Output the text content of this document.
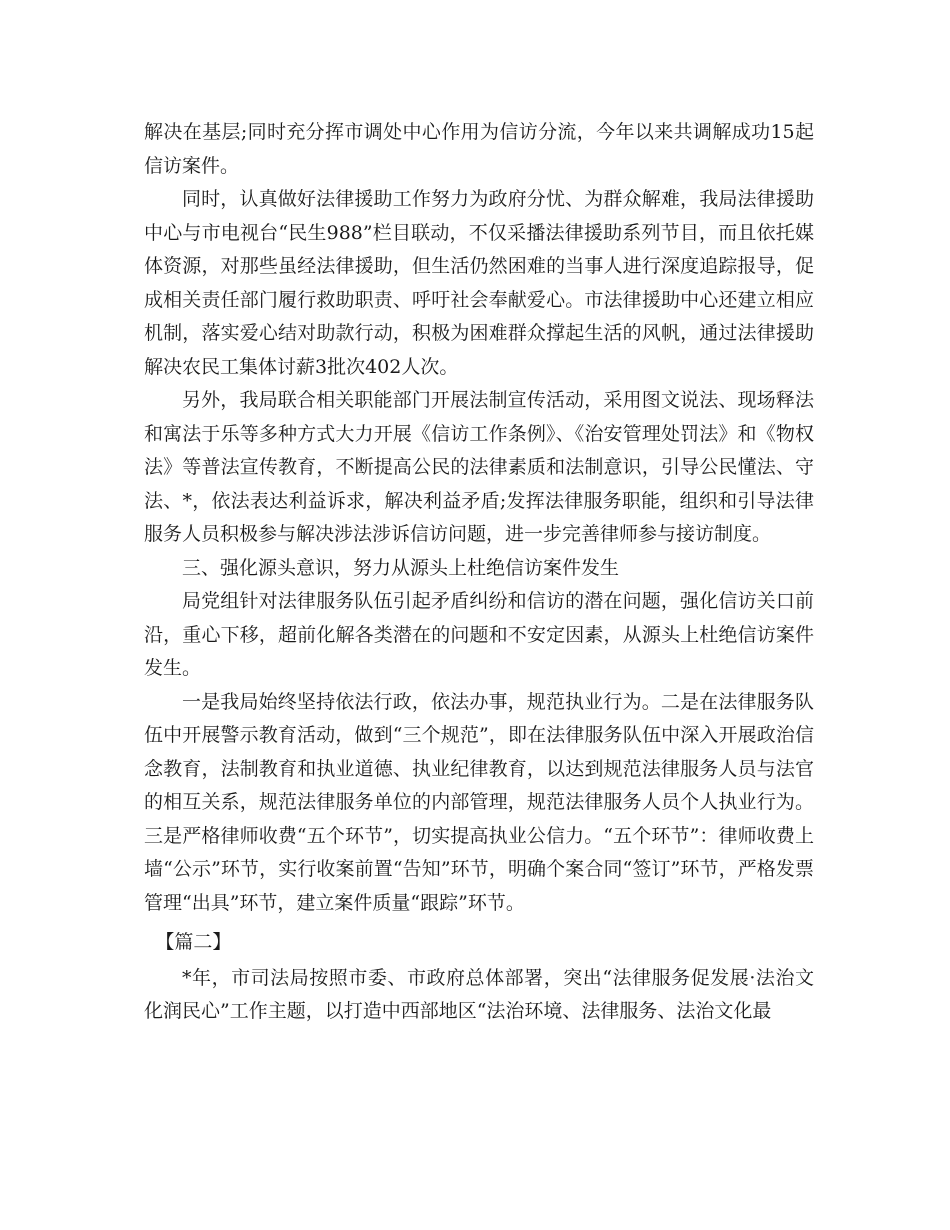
解决在基层;同时充分挥市调处中心作用为信访分流，今年以来共调解成功15起信访案件。

同时，认真做好法律援助工作努力为政府分忧、为群众解难，我局法律援助中心与市电视台“民生988”栏目联动，不仅采播法律援助系列节目，而且依托媒体资源，对那些虽经法律援助，但生活仍然困难的当事人进行深度追踪报导，促成相关责任部门履行救助职责、呼吁社会奉献爱心。市法律援助中心还建立相应机制，落实爱心结对助款行动，积极为困难群众撑起生活的风帆，通过法律援助解决农民工集体讨薪3批次402人次。

另外，我局联合相关职能部门开展法制宣传活动，采用图文说法、现场释法和寓法于乐等多种方式大力开展《信访工作条例》、《治安管理处罚法》和《物权法》等普法宣传教育，不断提高公民的法律素质和法制意识，引导公民懂法、守法、*，依法表达利益诉求，解决利益矛盾;发挥法律服务职能，组织和引导法律服务人员积极参与解决涉法涉诉信访问题，进一步完善律师参与接访制度。

三、强化源头意识，努力从源头上杜绝信访案件发生

局党组针对法律服务队伍引起矛盾纠纷和信访的潜在问题，强化信访关口前沿，重心下移，超前化解各类潜在的问题和不安定因素，从源头上杜绝信访案件发生。

一是我局始终坚持依法行政，依法办事，规范执业行为。二是在法律服务队伍中开展警示教育活动，做到“三个规范”，即在法律服务队伍中深入开展政治信念教育，法制教育和执业道德、执业纪律教育，以达到规范法律服务人员与法官的相互关系，规范法律服务单位的内部管理，规范法律服务人员个人执业行为。三是严格律师收费“五个环节”，切实提高执业公信力。“五个环节”：律师收费上墙“公示”环节，实行收案前置“告知”环节，明确个案合同“签订”环节，严格发票管理“出具”环节，建立案件质量“跟踪”环节。

【篇二】

*年，市司法局按照市委、市政府总体部署，突出“法律服务促发展·法治文化润民心”工作主题，以打造中西部地区“法治环境、法律服务、法治文化最
